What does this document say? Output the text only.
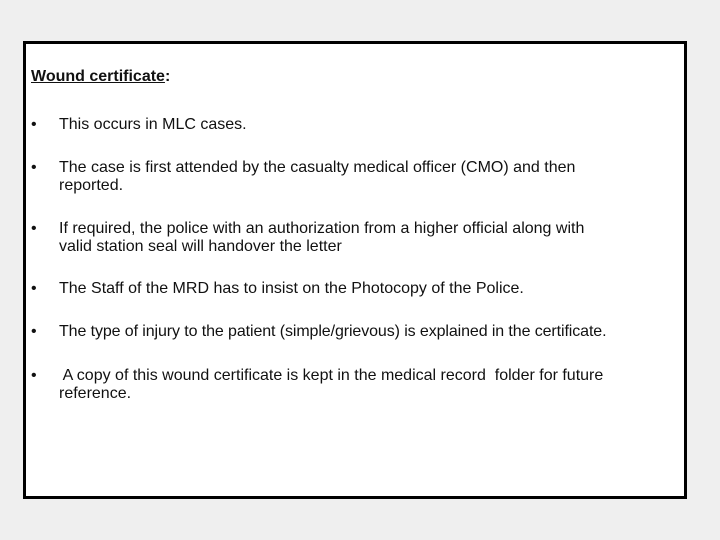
Wound certificate:
•	This occurs in MLC cases.
•	The case is first attended by the casualty medical officer (CMO) and then
reported.
•	If required, the police with an authorization from a higher official along with
valid station seal will handover the letter
•	The Staff of the MRD has to insist on the Photocopy of the Police.
•	The type of injury to the patient (simple/grievous) is explained in the certificate.
•	A copy of this wound certificate is kept in the medical record  folder for future
reference.
